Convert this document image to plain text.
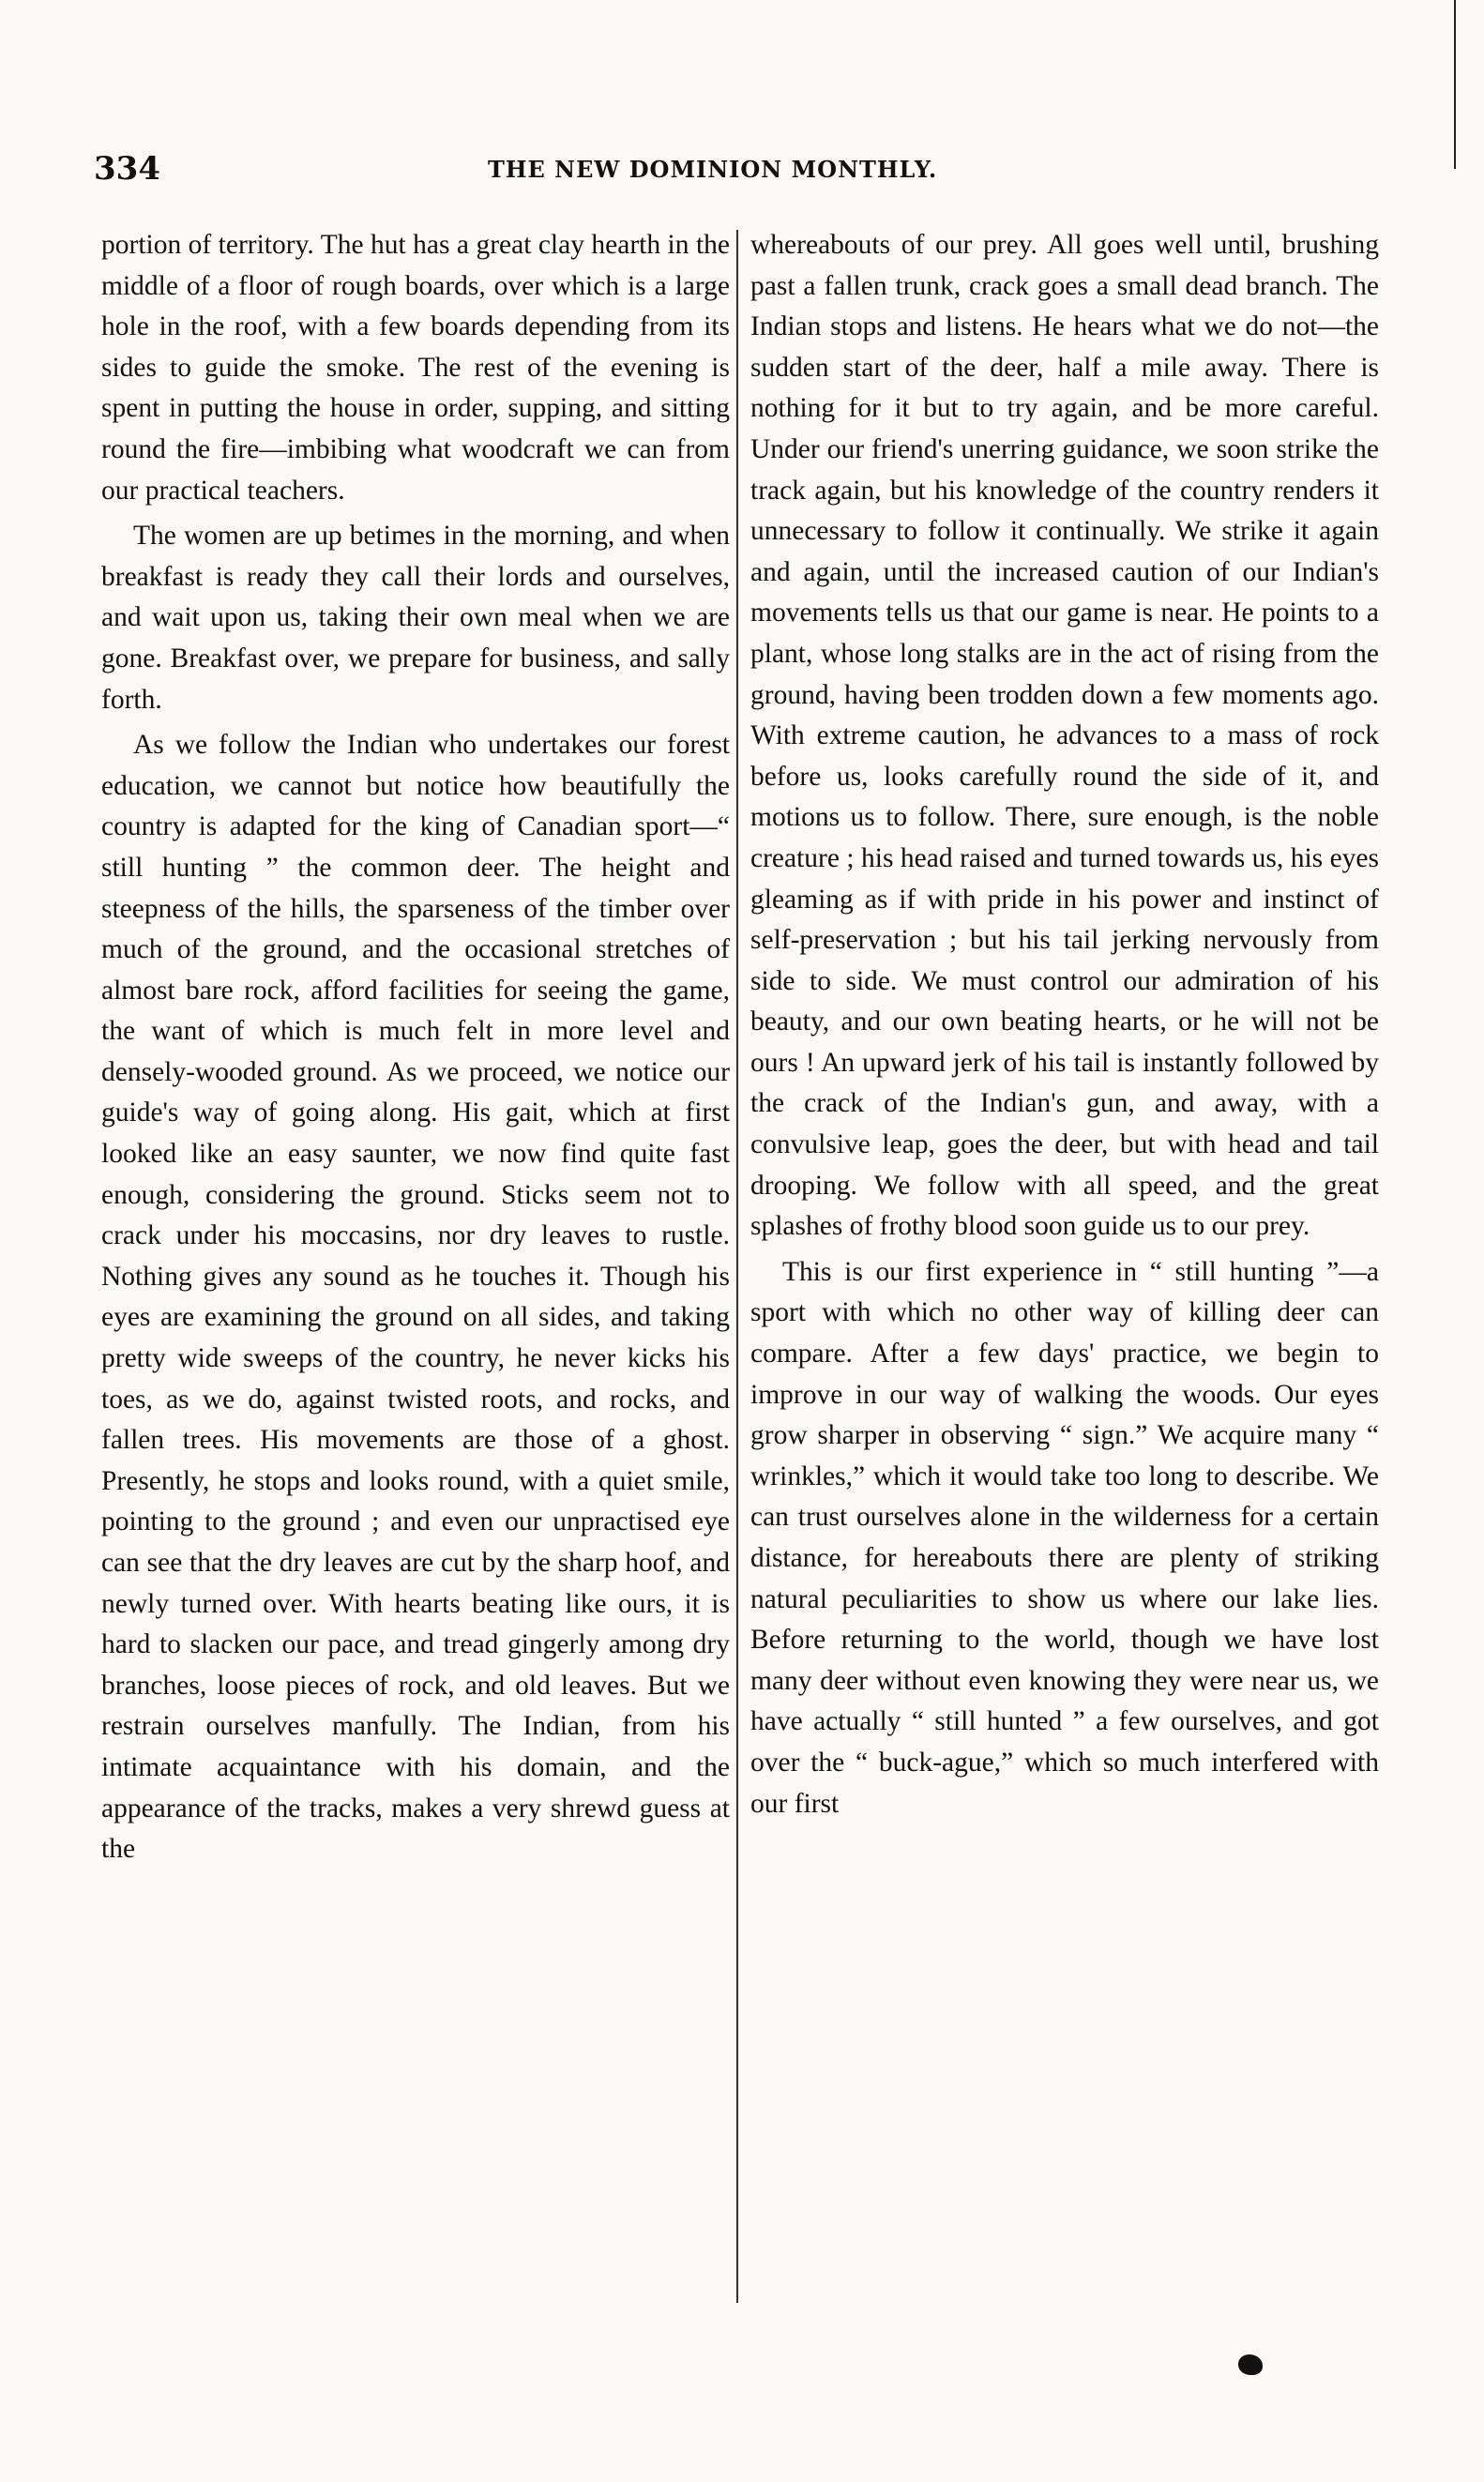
334	THE NEW DOMINION MONTHLY.

portion of territory. The hut has a great clay hearth in the middle of a floor of rough boards, over which is a large hole in the roof, with a few boards depending from its sides to guide the smoke. The rest of the evening is spent in putting the house in order, supping, and sitting round the fire—imbibing what woodcraft we can from our practical teachers.

The women are up betimes in the morning, and when breakfast is ready they call their lords and ourselves, and wait upon us, taking their own meal when we are gone. Breakfast over, we prepare for business, and sally forth.

As we follow the Indian who undertakes our forest education, we cannot but notice how beautifully the country is adapted for the king of Canadian sport—“ still hunting ” the common deer. The height and steepness of the hills, the sparseness of the timber over much of the ground, and the occasional stretches of almost bare rock, afford facilities for seeing the game, the want of which is much felt in more level and densely-wooded ground. As we proceed, we notice our guide's way of going along. His gait, which at first looked like an easy saunter, we now find quite fast enough, considering the ground. Sticks seem not to crack under his moccasins, nor dry leaves to rustle. Nothing gives any sound as he touches it. Though his eyes are examining the ground on all sides, and taking pretty wide sweeps of the country, he never kicks his toes, as we do, against twisted roots, and rocks, and fallen trees. His movements are those of a ghost. Presently, he stops and looks round, with a quiet smile, pointing to the ground ; and even our unpractised eye can see that the dry leaves are cut by the sharp hoof, and newly turned over. With hearts beating like ours, it is hard to slacken our pace, and tread gingerly among dry branches, loose pieces of rock, and old leaves. But we restrain ourselves manfully. The Indian, from his intimate acquaintance with his domain, and the appearance of the tracks, makes a very shrewd guess at the

whereabouts of our prey. All goes well until, brushing past a fallen trunk, crack goes a small dead branch. The Indian stops and listens. He hears what we do not—the sudden start of the deer, half a mile away. There is nothing for it but to try again, and be more careful. Under our friend's unerring guidance, we soon strike the track again, but his knowledge of the country renders it unnecessary to follow it continually. We strike it again and again, until the increased caution of our Indian's movements tells us that our game is near. He points to a plant, whose long stalks are in the act of rising from the ground, having been trodden down a few moments ago. With extreme caution, he advances to a mass of rock before us, looks carefully round the side of it, and motions us to follow. There, sure enough, is the noble creature ; his head raised and turned towards us, his eyes gleaming as if with pride in his power and instinct of self-preservation ; but his tail jerking nervously from side to side. We must control our admiration of his beauty, and our own beating hearts, or he will not be ours ! An upward jerk of his tail is instantly followed by the crack of the Indian's gun, and away, with a convulsive leap, goes the deer, but with head and tail drooping. We follow with all speed, and the great splashes of frothy blood soon guide us to our prey.

This is our first experience in “ still hunting ”—a sport with which no other way of killing deer can compare. After a few days' practice, we begin to improve in our way of walking the woods. Our eyes grow sharper in observing “ sign.” We acquire many “ wrinkles,” which it would take too long to describe. We can trust ourselves alone in the wilderness for a certain distance, for hereabouts there are plenty of striking natural peculiarities to show us where our lake lies. Before returning to the world, though we have lost many deer without even knowing they were near us, we have actually “ still hunted ” a few ourselves, and got over the “ buck-ague,” which so much interfered with our first
